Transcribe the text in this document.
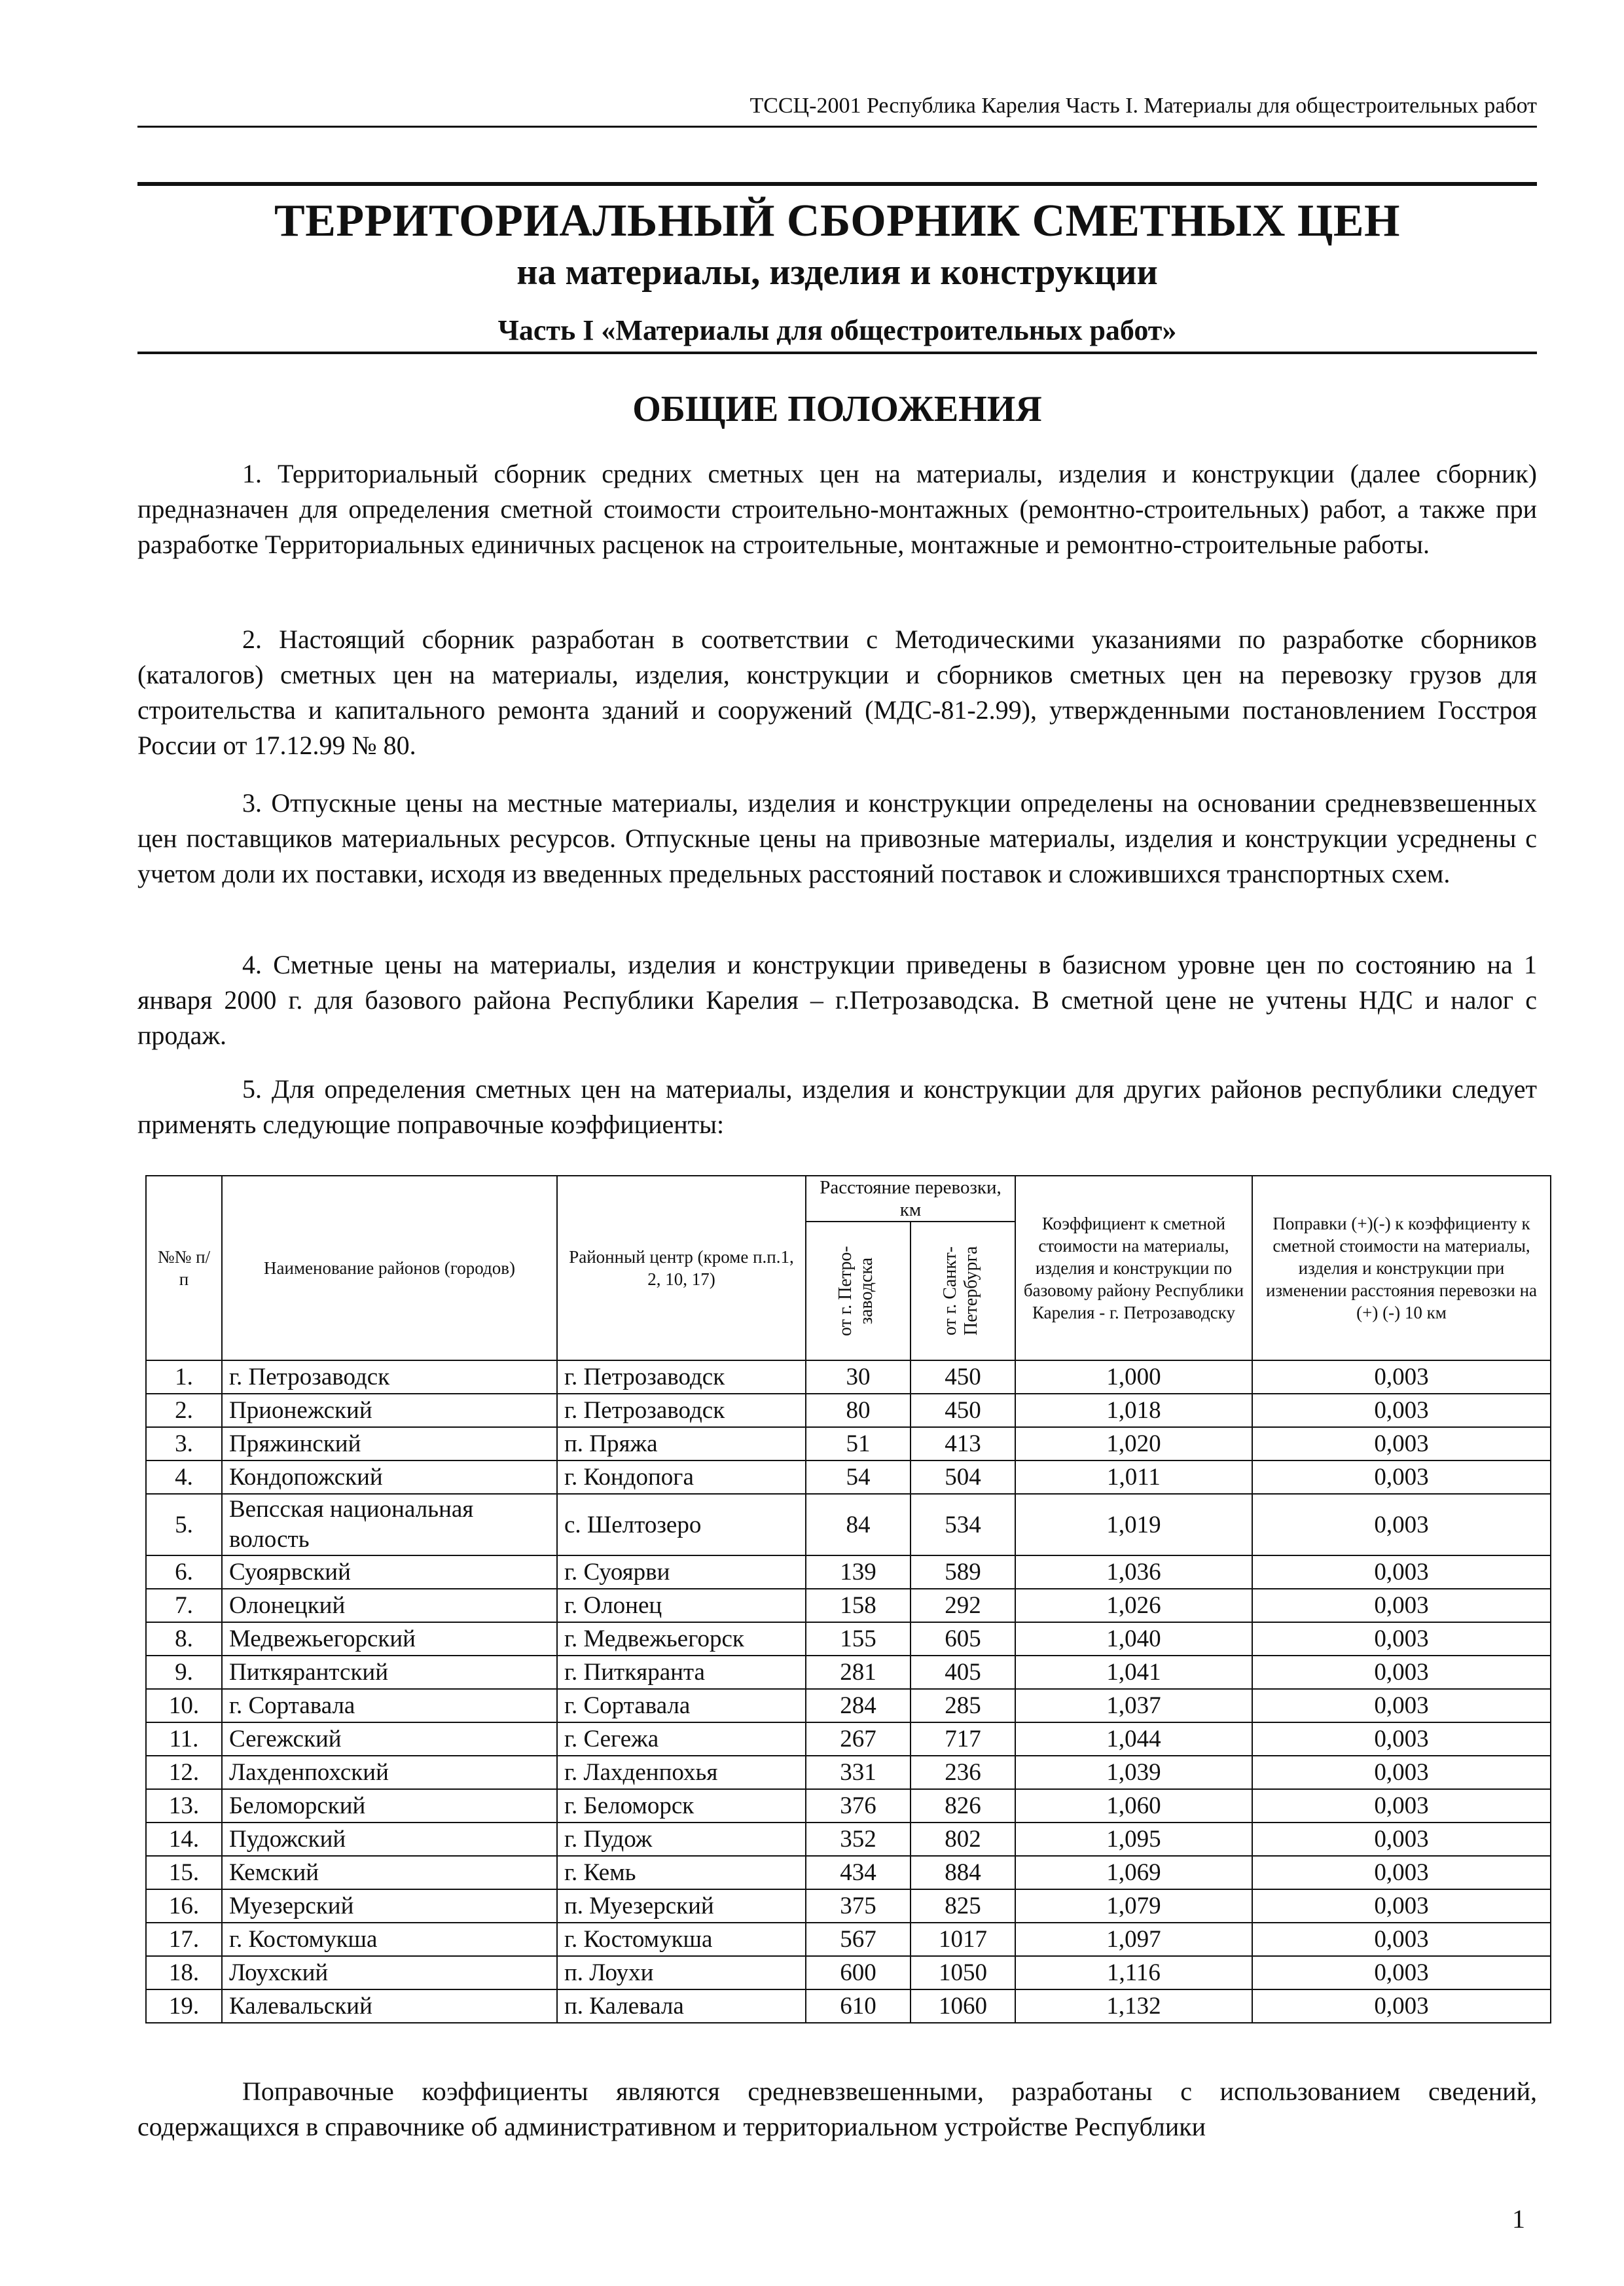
ТССЦ-2001 Республика Карелия Часть I. Материалы для общестроительных работ
ТЕРРИТОРИАЛЬНЫЙ СБОРНИК СМЕТНЫХ ЦЕН
на материалы, изделия и конструкции
Часть I «Материалы для общестроительных работ»
ОБЩИЕ ПОЛОЖЕНИЯ

1. Территориальный сборник средних сметных цен на материалы, изделия и конструкции (далее сборник) предназначен для определения сметной стоимости строительно-монтажных (ремонтно-строительных) работ, а также при разработке Территориальных единичных расценок на строительные, монтажные и ремонтно-строительные работы.

2. Настоящий сборник разработан в соответствии с Методическими указаниями по разработке сборников (каталогов) сметных цен на материалы, изделия, конструкции и сборников сметных цен на перевозку грузов для строительства и капитального ремонта зданий и сооружений (МДС-81-2.99), утвержденными постановлением Госстроя России от 17.12.99 № 80.

3. Отпускные цены на местные материалы, изделия и конструкции определены на основании средневзвешенных цен поставщиков материальных ресурсов. Отпускные цены на привозные материалы, изделия и конструкции усреднены с учетом доли их поставки, исходя из введенных предельных расстояний поставок и сложившихся транспортных схем.

4. Сметные цены на материалы, изделия и конструкции приведены в базисном уровне цен по состоянию на 1 января 2000 г. для базового района Республики Карелия – г.Петрозаводска. В сметной цене не учтены НДС и налог с продаж.

5. Для определения сметных цен на материалы, изделия и конструкции для других районов республики следует применять следующие поправочные коэффициенты:

№№ п/п	Наименование районов (городов)	Районный центр (кроме п.п.1, 2, 10, 17)	Расстояние перевозки, км		Коэффициент к сметной стоимости на материалы, изделия и конструкции по базовому району Республики Карелия - г. Петрозаводску	Поправки (+)(-) к коэффициенту к сметной стоимости на материалы, изделия и конструкции при изменении расстояния перевозки на (+) (-) 10 км

			от г. Петро-заводска	от г. Санкт-Петербурга		

1.	г. Петрозаводск	г. Петрозаводск	30	450	1,000	0,003
2.	Прионежский	г. Петрозаводск	80	450	1,018	0,003
3.	Пряжинский	п. Пряжа	51	413	1,020	0,003
4.	Кондопожский	г. Кондопога	54	504	1,011	0,003
5.	Вепсская национальная волость	с. Шелтозеро	84	534	1,019	0,003
6.	Суоярвский	г. Суоярви	139	589	1,036	0,003
7.	Олонецкий	г. Олонец	158	292	1,026	0,003
8.	Медвежьегорский	г. Медвежьегорск	155	605	1,040	0,003
9.	Питкярантский	г. Питкяранта	281	405	1,041	0,003
10.	г. Сортавала	г. Сортавала	284	285	1,037	0,003
11.	Сегежский	г. Сегежа	267	717	1,044	0,003
12.	Лахденпохский	г. Лахденпохья	331	236	1,039	0,003
13.	Беломорский	г. Беломорск	376	826	1,060	0,003
14.	Пудожский	г. Пудож	352	802	1,095	0,003
15.	Кемский	г. Кемь	434	884	1,069	0,003
16.	Муезерский	п. Муезерский	375	825	1,079	0,003
17.	г. Костомукша	г. Костомукша	567	1017	1,097	0,003
18.	Лоухский	п. Лоухи	600	1050	1,116	0,003
19.	Калевальский	п. Калевала	610	1060	1,132	0,003

Поправочные коэффициенты являются средневзвешенными, разработаны с использованием сведений, содержащихся в справочнике об административном и территориальном устройстве Республики

1
